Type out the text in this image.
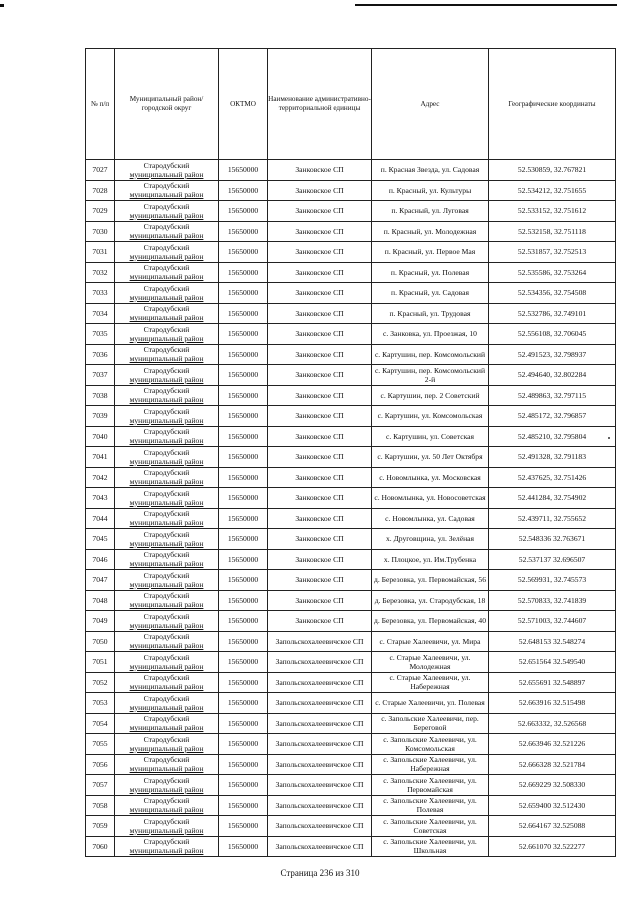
№ п/п	Муниципальный район/городской округ	ОКТМО	Наименование административно-территориальной единицы	Адрес	Географические координаты
7027	Стародубский
муниципальный район	15650000	Занковское СП	п. Красная Звезда, ул. Садовая	52.530859, 32.767821
7028	Стародубский
муниципальный район	15650000	Занковское СП	п. Красный, ул. Культуры	52.534212, 32.751655
7029	Стародубский
муниципальный район	15650000	Занковское СП	п. Красный, ул. Луговая	52.533152, 32.751612
7030	Стародубский
муниципальный район	15650000	Занковское СП	п. Красный, ул. Молодежная	52.532158, 32.751118
7031	Стародубский
муниципальный район	15650000	Занковское СП	п. Красный, ул. Первое Мая	52.531857, 32.752513
7032	Стародубский
муниципальный район	15650000	Занковское СП	п. Красный, ул. Полевая	52.535586, 32.753264
7033	Стародубский
муниципальный район	15650000	Занковское СП	п. Красный, ул. Садовая	52.534356, 32.754508
7034	Стародубский
муниципальный район	15650000	Занковское СП	п. Красный, ул. Трудовая	52.532786, 32.749101
7035	Стародубский
муниципальный район	15650000	Занковское СП	с. Занковка, ул. Проезжая, 10	52.556108, 32.706045
7036	Стародубский
муниципальный район	15650000	Занковское СП	с. Картушин, пер. Комсомольский	52.491523, 32.798937
7037	Стародубский
муниципальный район	15650000	Занковское СП	с. Картушин, пер. Комсомольский 2-й	52.494640, 32.802284
7038	Стародубский
муниципальный район	15650000	Занковское СП	с. Картушин, пер. 2 Советский	52.489863, 32.797115
7039	Стародубский
муниципальный район	15650000	Занковское СП	с. Картушин, ул. Комсомольская	52.485172, 32.796857
7040	Стародубский
муниципальный район	15650000	Занковское СП	с. Картушин, ул. Советская	52.485210, 32.795804
7041	Стародубский
муниципальный район	15650000	Занковское СП	с. Картушин, ул. 50 Лет Октября	52.491328, 32.791183
7042	Стародубский
муниципальный район	15650000	Занковское СП	с. Новомлынка, ул. Московская	52.437625, 32.751426
7043	Стародубский
муниципальный район	15650000	Занковское СП	с. Новомлынка, ул. Новосоветская	52.441284, 32.754902
7044	Стародубский
муниципальный район	15650000	Занковское СП	с. Новомлынка, ул. Садовая	52.439711, 32.755652
7045	Стародубский
муниципальный район	15650000	Занковское СП	х. Друговщина, ул. Зелёная	52.548336 32.763671
7046	Стародубский
муниципальный район	15650000	Занковское СП	х. Плоцкое, ул. Им.Трубенка	52.537137 32.696507
7047	Стародубский
муниципальный район	15650000	Занковское СП	д. Березовка, ул. Первомайская, 56	52.569931, 32.745573
7048	Стародубский
муниципальный район	15650000	Занковское СП	д. Березовка, ул. Стародубская, 18	52.570833, 32.741839
7049	Стародубский
муниципальный район	15650000	Занковское СП	д. Березовка, ул. Первомайская, 40	52.571003, 32.744607
7050	Стародубский
муниципальный район	15650000	Запольскохалеевичское СП	с. Старые Халеевичи, ул. Мира	52.648153 32.548274
7051	Стародубский
муниципальный район	15650000	Запольскохалеевичское СП	с. Старые Халеевичи, ул. Молодежная	52.651564 32.549540
7052	Стародубский
муниципальный район	15650000	Запольскохалеевичское СП	с. Старые Халеевичи, ул. Набережная	52.655691 32.548897
7053	Стародубский
муниципальный район	15650000	Запольскохалеевичское СП	с. Старые Халеевичи, ул. Полевая	52.663916 32.515498
7054	Стародубский
муниципальный район	15650000	Запольскохалеевичское СП	с. Запольские Халеевичи, пер. Береговой	52.663332, 32.526568
7055	Стародубский
муниципальный район	15650000	Запольскохалеевичское СП	с. Запольские Халеевичи, ул. Комсомольская	52.663946 32.521226
7056	Стародубский
муниципальный район	15650000	Запольскохалеевичское СП	с. Запольские Халеевичи, ул. Набережная	52.666328 32.521784
7057	Стародубский
муниципальный район	15650000	Запольскохалеевичское СП	с. Запольские Халеевичи, ул. Первомайская	52.669229 32.508330
7058	Стародубский
муниципальный район	15650000	Запольскохалеевичское СП	с. Запольские Халеевичи, ул. Полевая	52.659400 32.512430
7059	Стародубский
муниципальный район	15650000	Запольскохалеевичское СП	с. Запольские Халеевичи, ул. Советская	52.664167 32.525088
7060	Стародубский
муниципальный район	15650000	Запольскохалеевичское СП	с. Запольские Халеевичи, ул. Школьная	52.661070 32.522277
Страница 236 из 310
